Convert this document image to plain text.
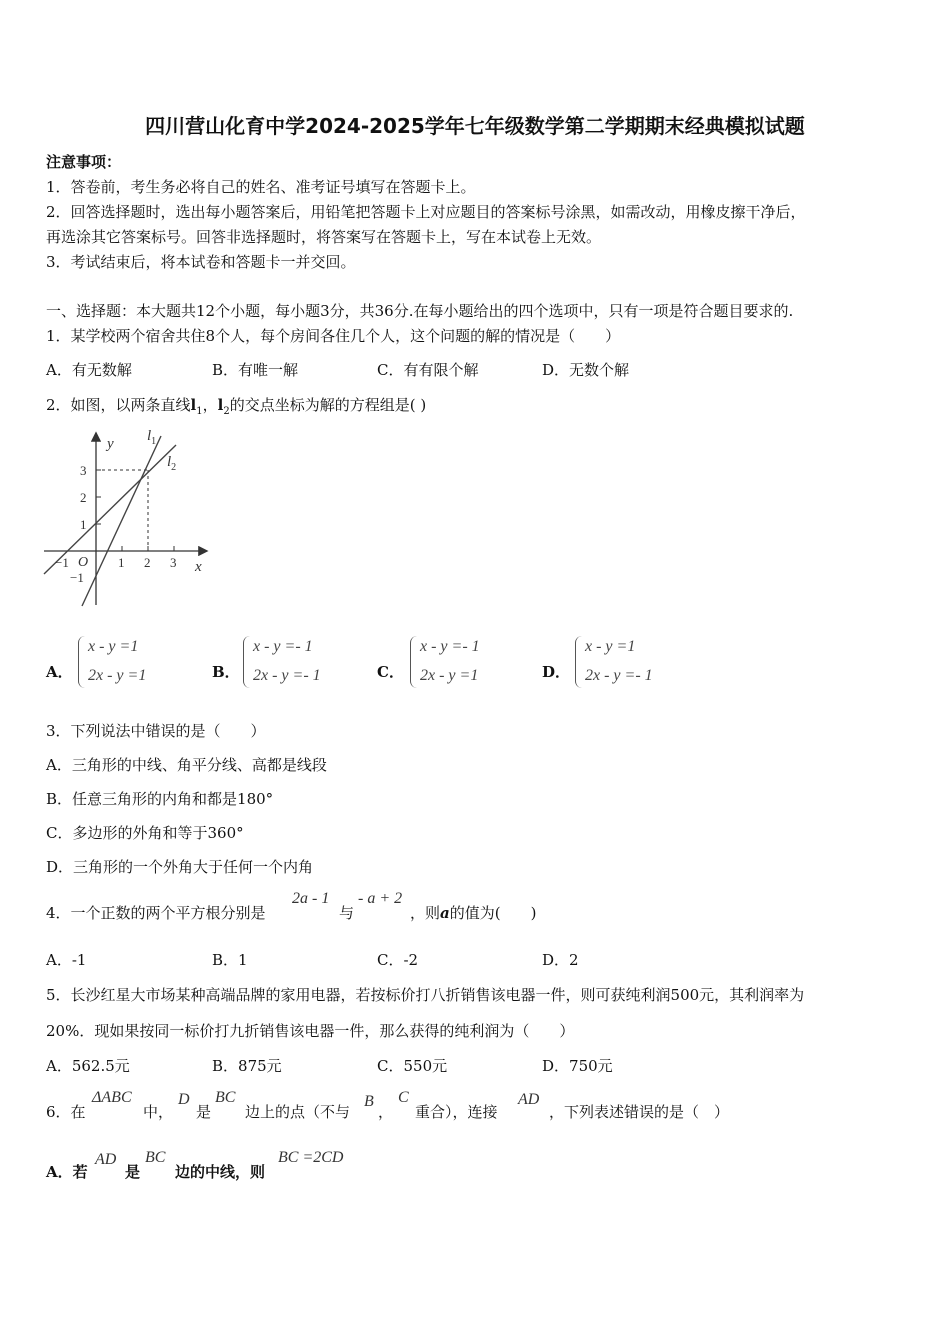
四川营山化育中学2024-2025学年七年级数学第二学期期末经典模拟试题
注意事项：
1．答卷前，考生务必将自己的姓名、准考证号填写在答题卡上。
2．回答选择题时，选出每小题答案后，用铅笔把答题卡上对应题目的答案标号涂黑，如需改动，用橡皮擦干净后，
再选涂其它答案标号。回答非选择题时，将答案写在答题卡上，写在本试卷上无效。
3．考试结束后，将本试卷和答题卡一并交回。
一、选择题：本大题共12个小题，每小题3分，共36分.在每小题给出的四个选项中，只有一项是符合题目要求的.
1．某学校两个宿舍共住8个人，每个房间各住几个人，这个问题的解的情况是（　　）
A．有无数解	B．有唯一解	C．有有限个解	D．无数个解
2．如图，以两条直线$l_1$，$l_2$的交点坐标为解的方程组是( )
y
x
O
$l_1$
$l_2$
3
2
1
−1
−1	1 2 3
A．
x - y =1
2x - y =1	B．
x - y =- 1
2x - y =- 1	C．
x - y =- 1
2x - y =1	D．
x - y =1
2x - y =- 1
3．下列说法中错误的是（　　）
A．三角形的中线、角平分线、高都是线段
B．任意三角形的内角和都是180°
C．多边形的外角和等于360°
D．三角形的一个外角大于任何一个内角
4．一个正数的两个平方根分别是
2a - 1
与
- a + 2
，则a的值为(　　)
A．-1	B．1	C．-2	D．2
5．长沙红星大市场某种高端品牌的家用电器，若按标价打八折销售该电器一件，则可获纯利润500元，其利润率为
20%．现如果按同一标价打九折销售该电器一件，那么获得的纯利润为（　　）
A．562.5元	B．875元	C．550元	D．750元
6．在
ΔABC
中，
D
是
BC
边上的点（不与
B
，
C
重合），连接
AD
，下列表述错误的是（　）
A．若
AD
是
BC
边的中线，则
BC =2CD
